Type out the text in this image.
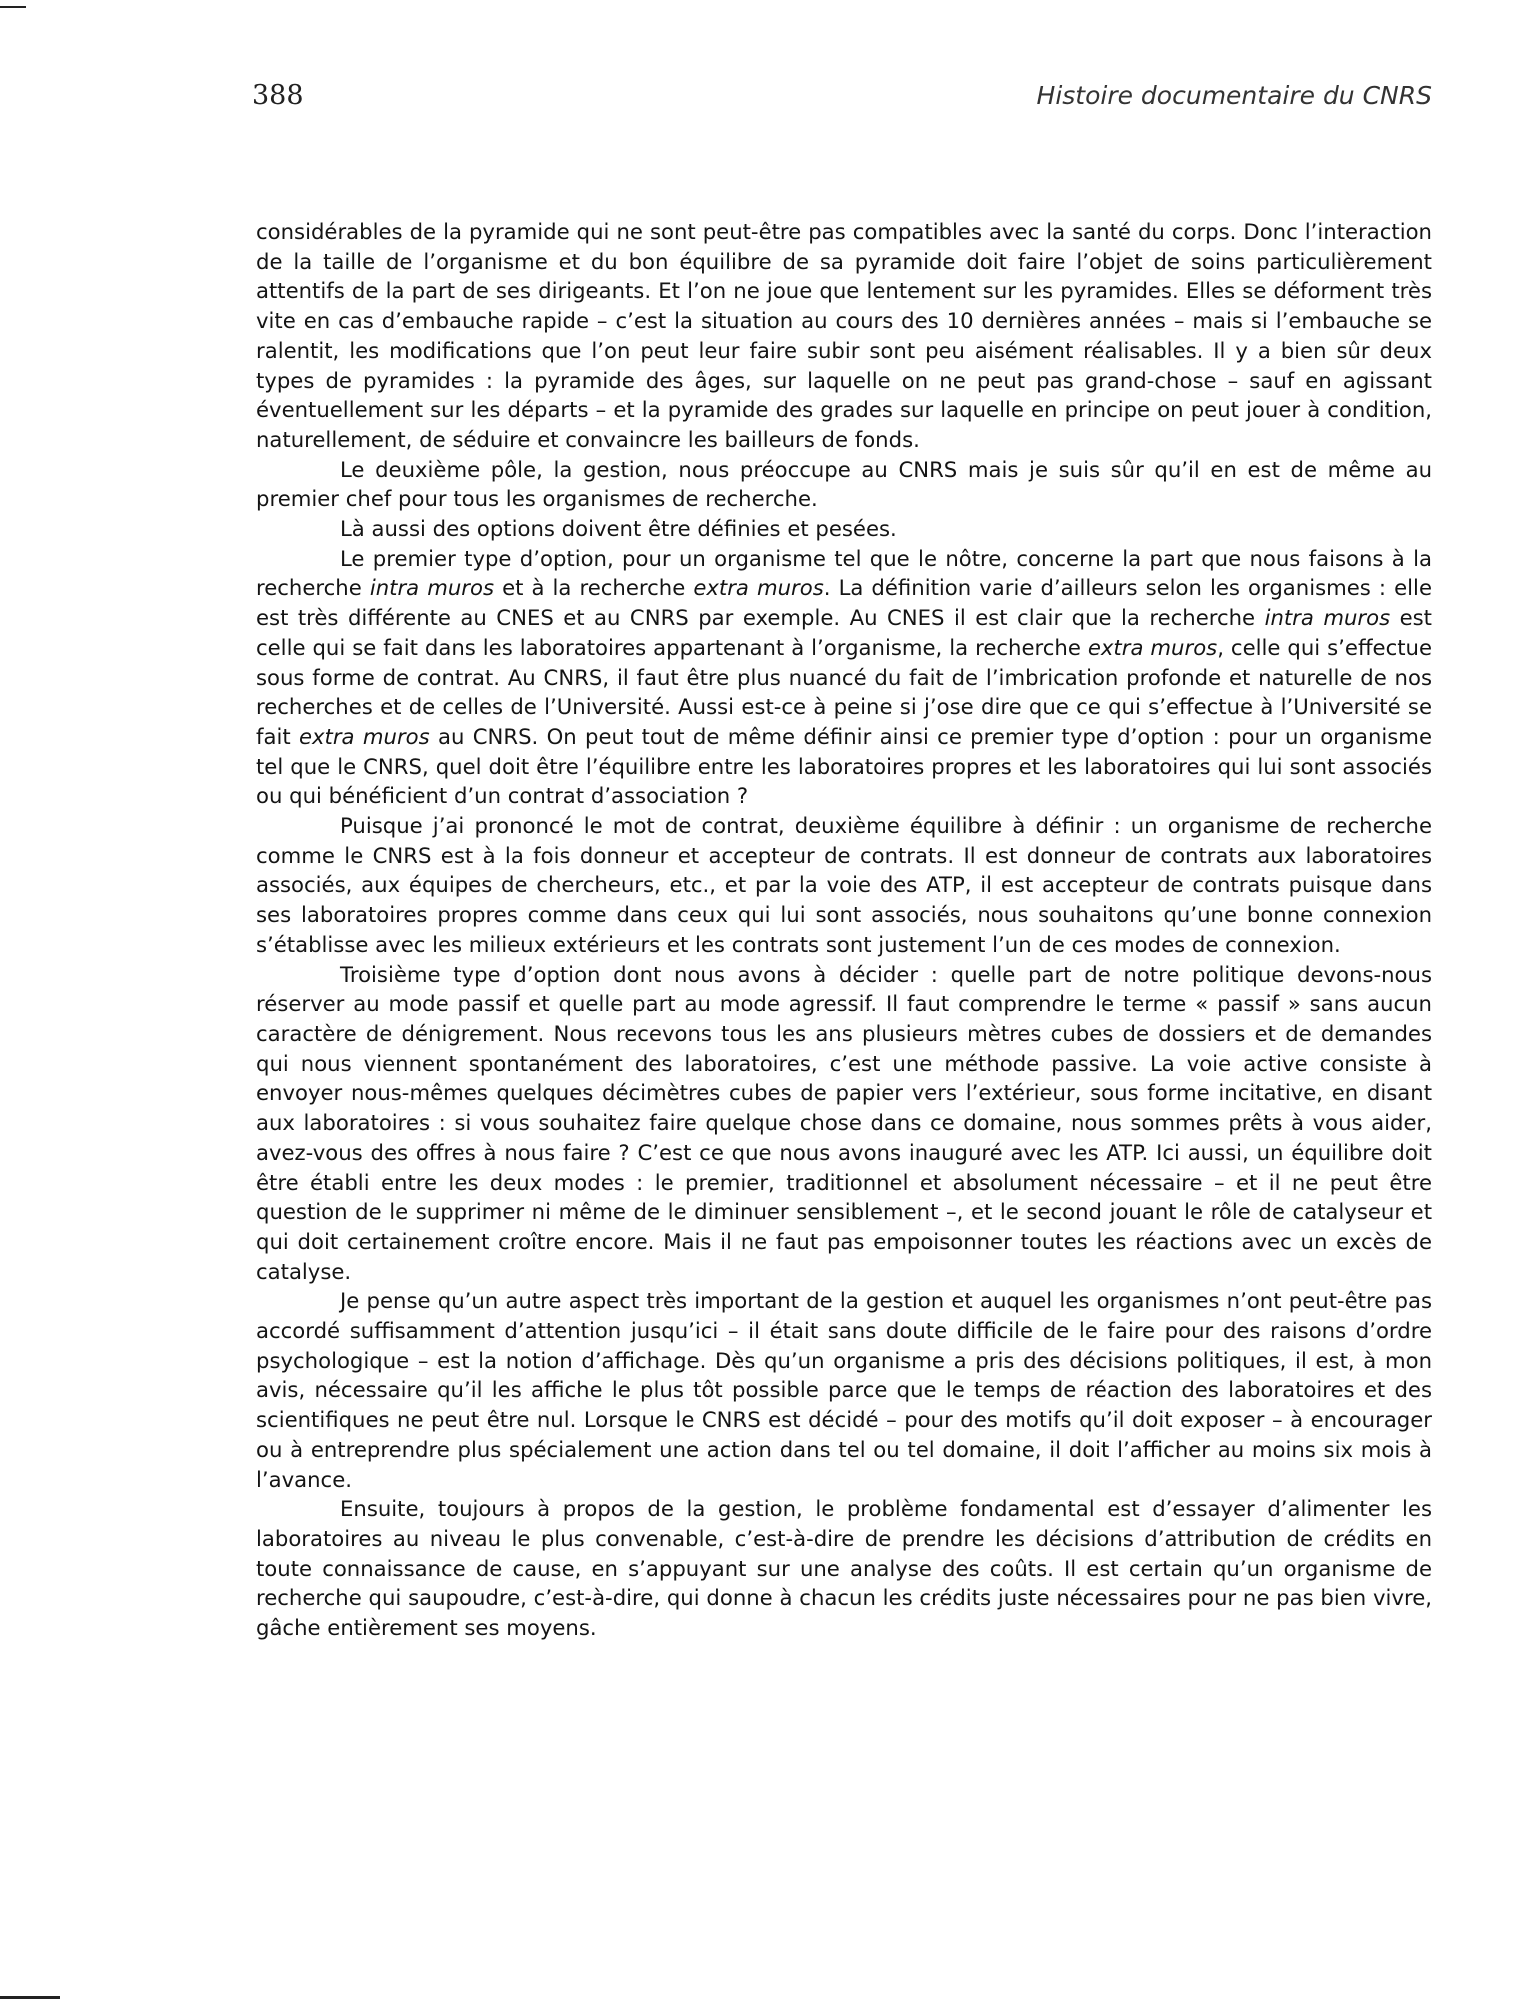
388	Histoire documentaire du CNRS

considérables de la pyramide qui ne sont peut-être pas compatibles avec la santé du corps. Donc l’interaction de la taille de l’organisme et du bon équilibre de sa pyramide doit faire l’objet de soins particulièrement attentifs de la part de ses dirigeants. Et l’on ne joue que lentement sur les pyramides. Elles se déforment très vite en cas d’embauche rapide – c’est la situation au cours des 10 dernières années – mais si l’embauche se ralentit, les modifications que l’on peut leur faire subir sont peu aisément réalisables. Il y a bien sûr deux types de pyramides : la pyramide des âges, sur laquelle on ne peut pas grand-chose – sauf en agissant éventuellement sur les départs – et la pyramide des grades sur laquelle en principe on peut jouer à condition, naturellement, de séduire et convaincre les bailleurs de fonds.

Le deuxième pôle, la gestion, nous préoccupe au CNRS mais je suis sûr qu’il en est de même au premier chef pour tous les organismes de recherche.

Là aussi des options doivent être définies et pesées.

Le premier type d’option, pour un organisme tel que le nôtre, concerne la part que nous faisons à la recherche intra muros et à la recherche extra muros. La définition varie d’ailleurs selon les organismes : elle est très différente au CNES et au CNRS par exemple. Au CNES il est clair que la recherche intra muros est celle qui se fait dans les laboratoires appartenant à l’organisme, la recherche extra muros, celle qui s’effectue sous forme de contrat. Au CNRS, il faut être plus nuancé du fait de l’imbrication profonde et naturelle de nos recherches et de celles de l’Université. Aussi est-ce à peine si j’ose dire que ce qui s’effectue à l’Université se fait extra muros au CNRS. On peut tout de même définir ainsi ce premier type d’option : pour un organisme tel que le CNRS, quel doit être l’équilibre entre les laboratoires propres et les laboratoires qui lui sont associés ou qui bénéficient d’un contrat d’association ?

Puisque j’ai prononcé le mot de contrat, deuxième équilibre à définir : un organisme de recherche comme le CNRS est à la fois donneur et accepteur de contrats. Il est donneur de contrats aux laboratoires associés, aux équipes de chercheurs, etc., et par la voie des ATP, il est accepteur de contrats puisque dans ses laboratoires propres comme dans ceux qui lui sont associés, nous souhaitons qu’une bonne connexion s’établisse avec les milieux extérieurs et les contrats sont justement l’un de ces modes de connexion.

Troisième type d’option dont nous avons à décider : quelle part de notre politique devons-nous réserver au mode passif et quelle part au mode agressif. Il faut comprendre le terme « passif » sans aucun caractère de dénigrement. Nous recevons tous les ans plusieurs mètres cubes de dossiers et de demandes qui nous viennent spontanément des laboratoires, c’est une méthode passive. La voie active consiste à envoyer nous-mêmes quelques décimètres cubes de papier vers l’extérieur, sous forme incitative, en disant aux laboratoires : si vous souhaitez faire quelque chose dans ce domaine, nous sommes prêts à vous aider, avez-vous des offres à nous faire ? C’est ce que nous avons inauguré avec les ATP. Ici aussi, un équilibre doit être établi entre les deux modes : le premier, traditionnel et absolument nécessaire – et il ne peut être question de le supprimer ni même de le diminuer sensiblement –, et le second jouant le rôle de catalyseur et qui doit certainement croître encore. Mais il ne faut pas empoisonner toutes les réactions avec un excès de catalyse.

Je pense qu’un autre aspect très important de la gestion et auquel les organismes n’ont peut-être pas accordé suffisamment d’attention jusqu’ici – il était sans doute difficile de le faire pour des raisons d’ordre psychologique – est la notion d’affichage. Dès qu’un organisme a pris des décisions politiques, il est, à mon avis, nécessaire qu’il les affiche le plus tôt possible parce que le temps de réaction des laboratoires et des scientifiques ne peut être nul. Lorsque le CNRS est décidé – pour des motifs qu’il doit exposer – à encourager ou à entreprendre plus spécialement une action dans tel ou tel domaine, il doit l’afficher au moins six mois à l’avance.

Ensuite, toujours à propos de la gestion, le problème fondamental est d’essayer d’alimenter les laboratoires au niveau le plus convenable, c’est-à-dire de prendre les décisions d’attribution de crédits en toute connaissance de cause, en s’appuyant sur une analyse des coûts. Il est certain qu’un organisme de recherche qui saupoudre, c’est-à-dire, qui donne à chacun les crédits juste nécessaires pour ne pas bien vivre, gâche entièrement ses moyens.
